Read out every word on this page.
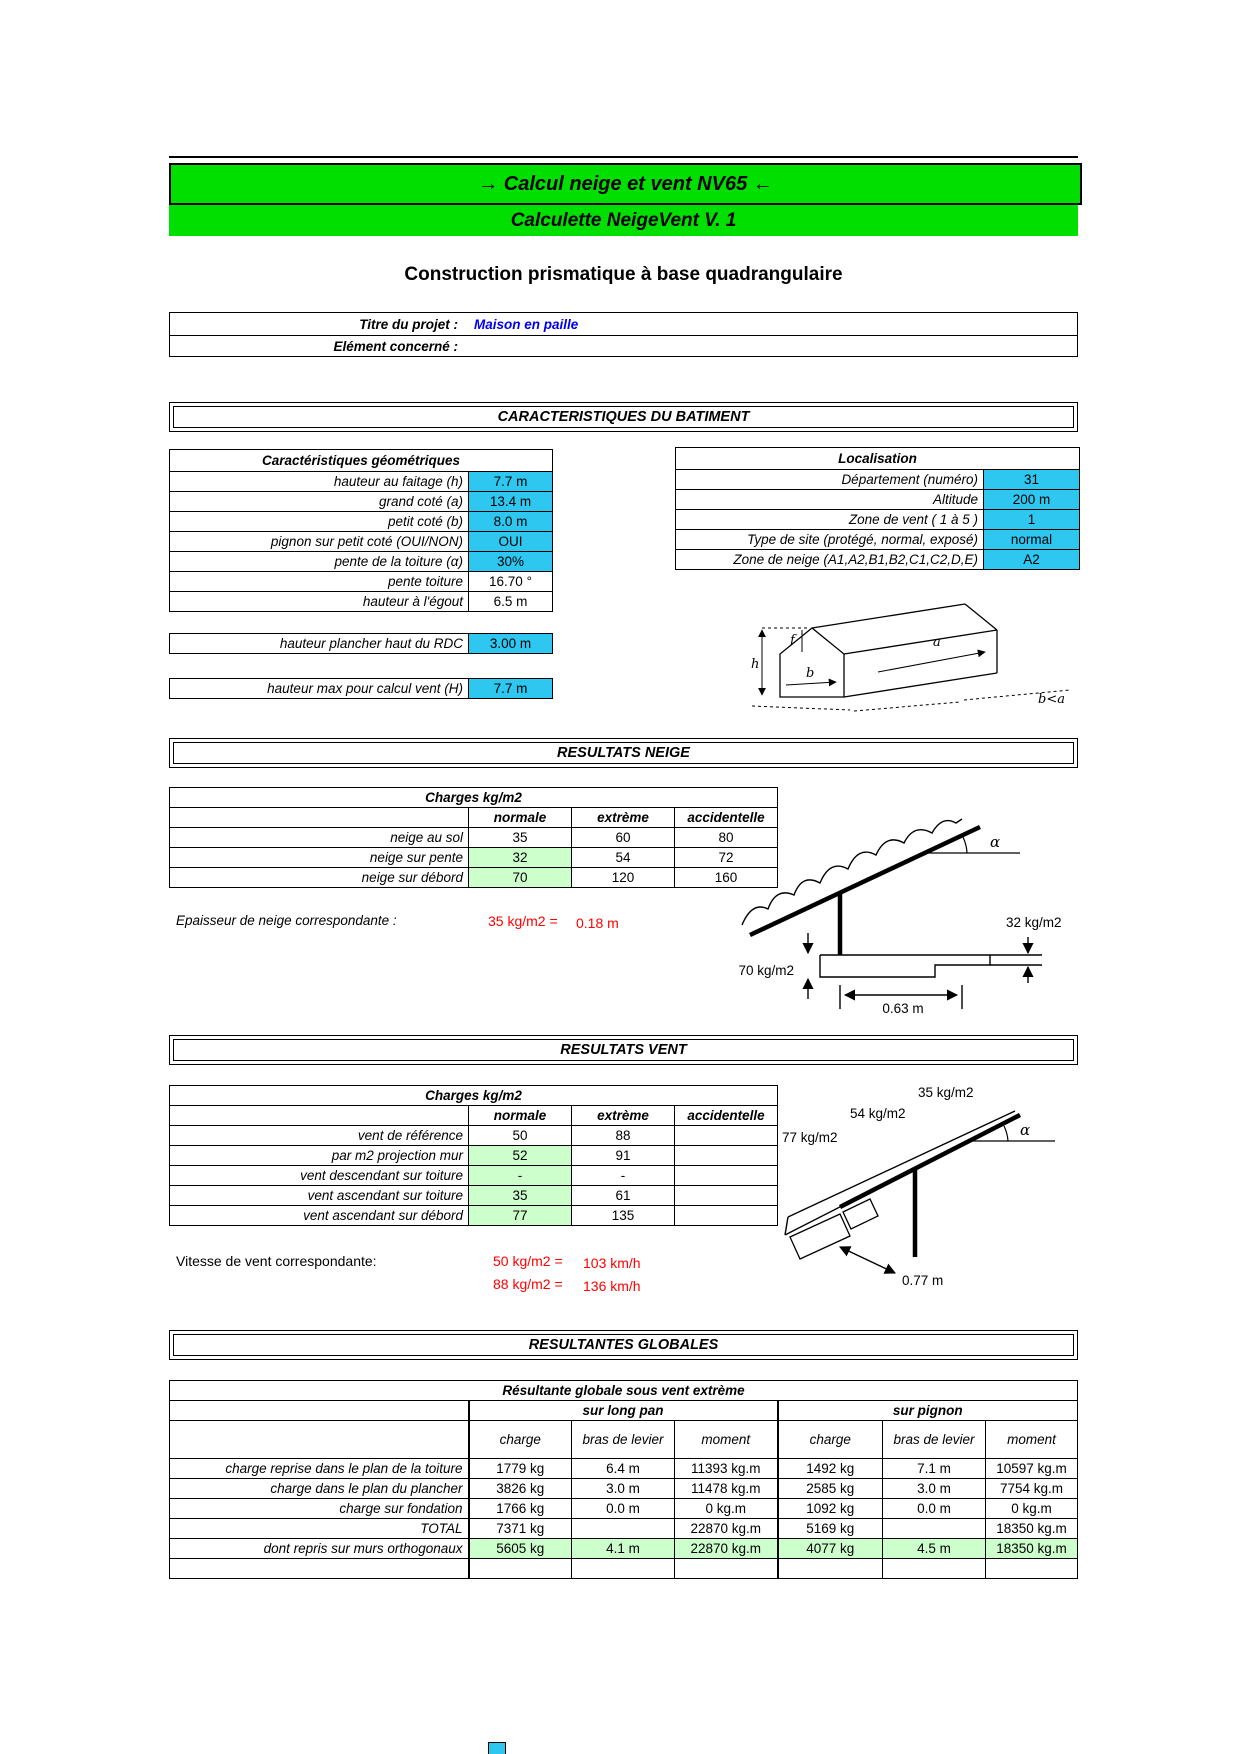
→ Calcul neige et vent NV65 ←
Calculette NeigeVent V. 1
Construction prismatique à base quadrangulaire
Titre du projet : Maison en paille
Elément concerné :
CARACTERISTIQUES DU BATIMENT
Caractéristiques géométriques	
hauteur au faitage (h)	7.7 m
grand coté (a)	13.4 m
petit coté (b)	8.0 m
pignon sur petit coté (OUI/NON)	OUI
pente de la toiture (α)	30%
pente toiture	16.70 °
hauteur à l'égout	6.5 m
hauteur plancher haut du RDC	3.00 m
hauteur max pour calcul vent (H)	7.7 m
Localisation	
Département (numéro)	31
Altitude	200 m
Zone de vent ( 1 à 5 )	1
Type de site (protégé, normal, exposé)	normal
Zone de neige (A1,A2,B1,B2,C1,C2,D,E)	A2
h
f	a
b
b<a
RESULTATS NEIGE
Charges kg/m2			
	normale	extrème	accidentelle
neige au sol	35	60	80
neige sur pente	32	54	72
neige sur débord	70	120	160
Epaisseur de neige correspondante :	35 kg/m2 = 0.18 m
α
70 kg/m2
32 kg/m2
0.63 m
RESULTATS VENT
Charges kg/m2			
	normale	extrème	accidentelle
vent de référence	50	88	
par m2 projection mur	52	91	
vent descendant sur toiture	-	-	
vent ascendant sur toiture	35	61	
vent ascendant sur débord	77	135	
Vitesse de vent correspondante:	50 kg/m2 = 103 km/h
88 kg/m2 = 136 km/h
35 kg/m2
54 kg/m2
77 kg/m2	α
0.77 m
RESULTANTES GLOBALES
Résultante globale sous vent extrème						
	sur long pan			sur pignon		
	charge	bras de levier	moment	charge	bras de levier	moment
charge reprise dans le plan de la toiture	1779 kg	6.4 m	11393 kg.m	1492 kg	7.1 m	10597 kg.m
charge dans le plan du plancher	3826 kg	3.0 m	11478 kg.m	2585 kg	3.0 m	7754 kg.m
charge sur fondation	1766 kg	0.0 m	0 kg.m	1092 kg	0.0 m	0 kg.m
TOTAL	7371 kg		22870 kg.m	5169 kg		18350 kg.m
dont repris sur murs orthogonaux	5605 kg	4.1 m	22870 kg.m	4077 kg	4.5 m	18350 kg.m
